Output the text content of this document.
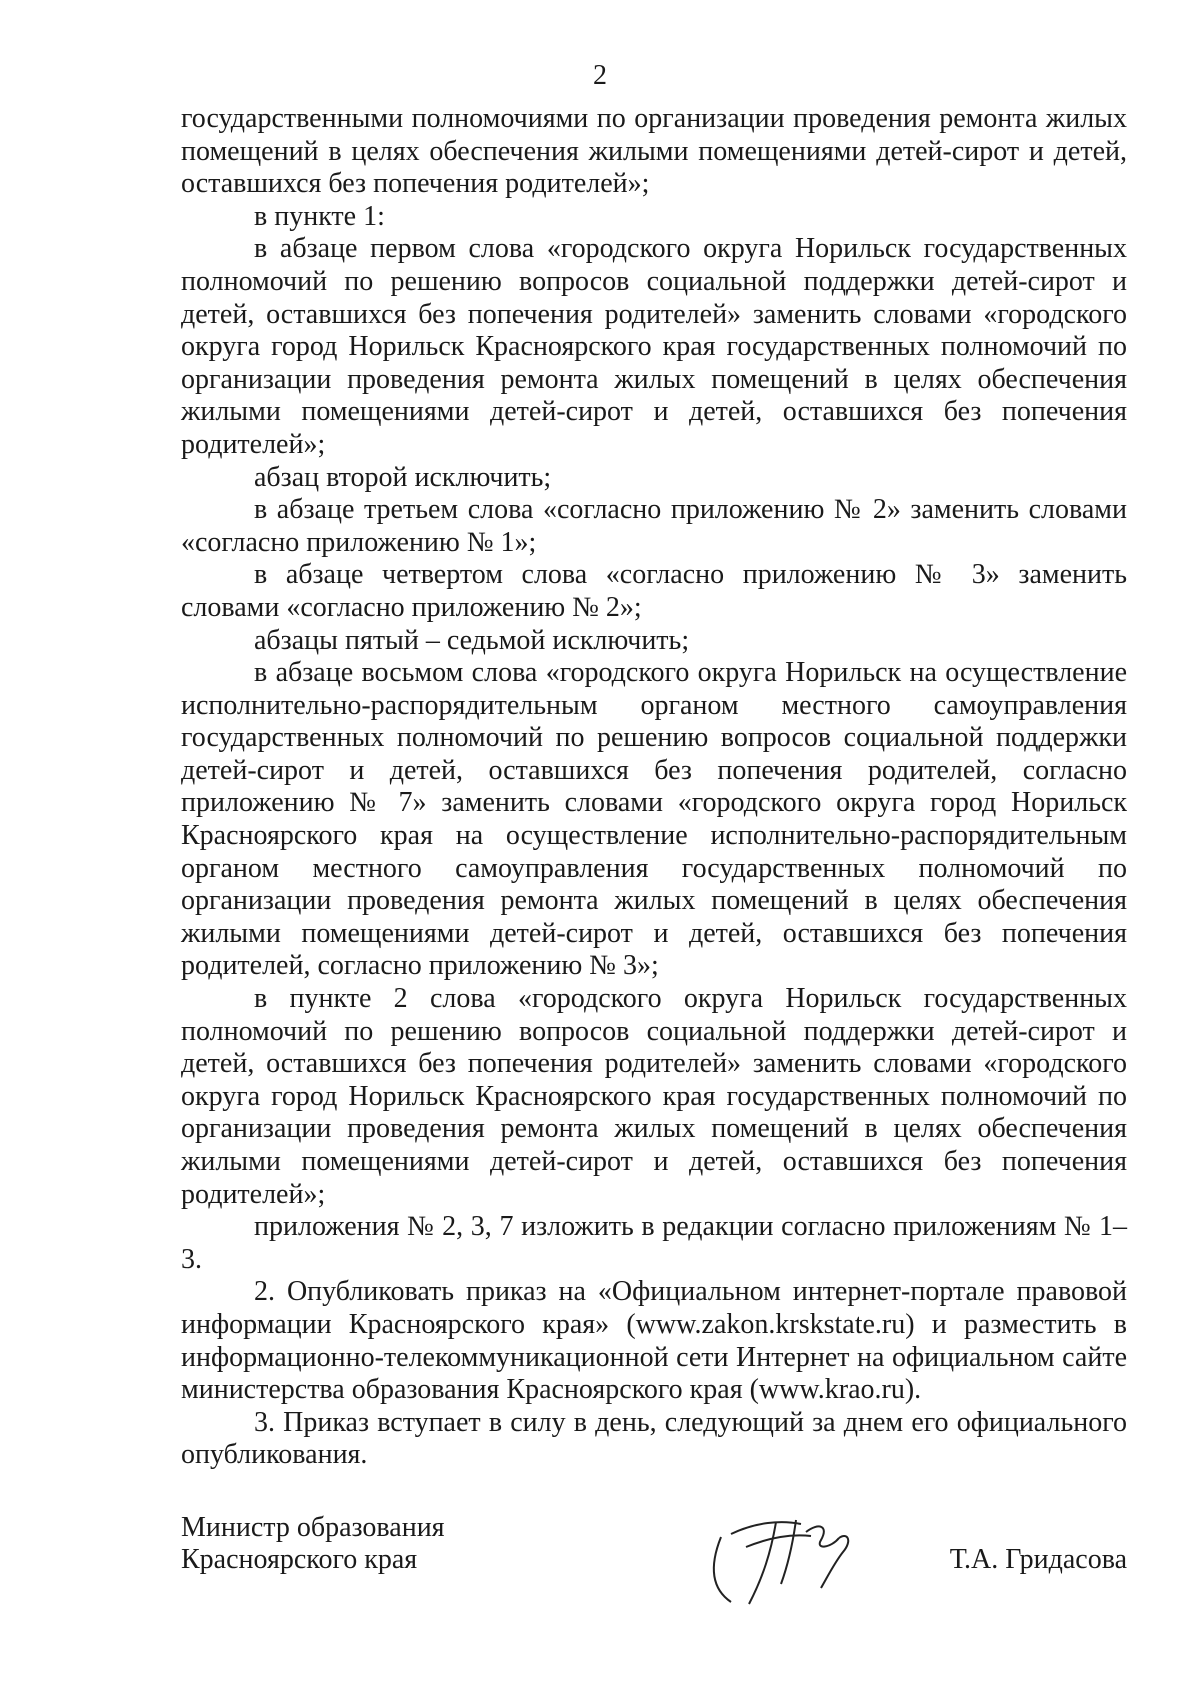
2

государственными полномочиями по организации проведения ремонта жилых помещений в целях обеспечения жилыми помещениями детей-сирот и детей, оставшихся без попечения родителей»;

в пункте 1:

в абзаце первом слова «городского округа Норильск государственных полномочий по решению вопросов социальной поддержки детей-сирот и детей, оставшихся без попечения родителей» заменить словами «городского округа город Норильск Красноярского края государственных полномочий по организации проведения ремонта жилых помещений в целях обеспечения жилыми помещениями детей-сирот и детей, оставшихся без попечения родителей»;

абзац второй исключить;

в абзаце третьем слова «согласно приложению № 2» заменить словами «согласно приложению № 1»;

в абзаце четвертом слова «согласно приложению № 3» заменить словами «согласно приложению № 2»;

абзацы пятый – седьмой исключить;

в абзаце восьмом слова «городского округа Норильск на осуществление исполнительно-распорядительным органом местного самоуправления государственных полномочий по решению вопросов социальной поддержки детей-сирот и детей, оставшихся без попечения родителей, согласно приложению № 7» заменить словами «городского округа город Норильск Красноярского края на осуществление исполнительно-распорядительным органом местного самоуправления государственных полномочий по организации проведения ремонта жилых помещений в целях обеспечения жилыми помещениями детей-сирот и детей, оставшихся без попечения родителей, согласно приложению № 3»;

в пункте 2 слова «городского округа Норильск государственных полномочий по решению вопросов социальной поддержки детей-сирот и детей, оставшихся без попечения родителей» заменить словами «городского округа город Норильск Красноярского края государственных полномочий по организации проведения ремонта жилых помещений в целях обеспечения жилыми помещениями детей-сирот и детей, оставшихся без попечения родителей»;

приложения № 2, 3, 7 изложить в редакции согласно приложениям № 1–3.

2. Опубликовать приказ на «Официальном интернет-портале правовой информации Красноярского края» (www.zakon.krskstate.ru) и разместить в информационно-телекоммуникационной сети Интернет на официальном сайте министерства образования Красноярского края (www.krao.ru).

3. Приказ вступает в силу в день, следующий за днем его официального опубликования.

Министр образования
Красноярского края	Т.А. Гридасова
